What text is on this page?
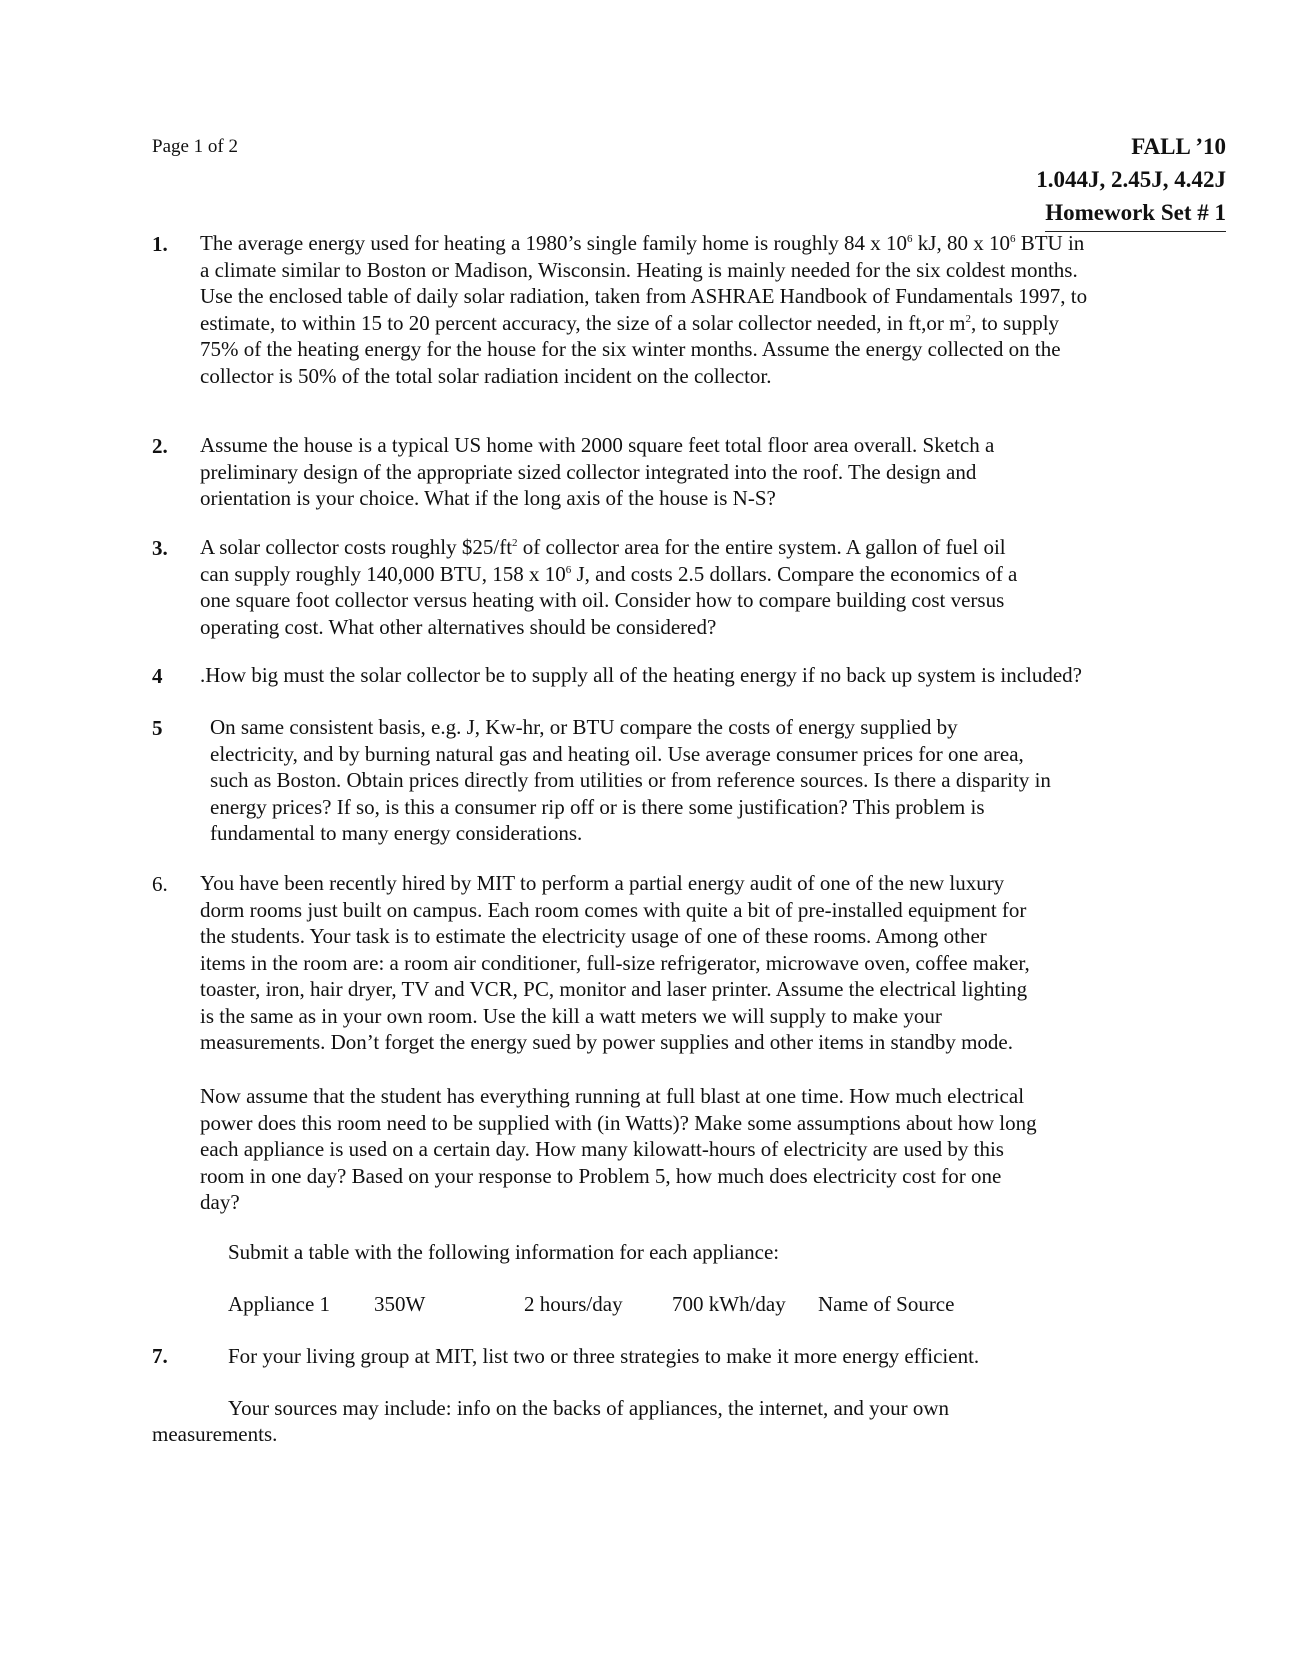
Page 1 of 2	FALL ’10
1.044J, 2.45J, 4.42J
Homework Set # 1
1. The average energy used for heating a 1980’s single family home is roughly 84 x $10^6$ kJ, 80 x $10^6$ BTU in
a climate similar to Boston or Madison, Wisconsin. Heating is mainly needed for the six coldest months.
Use the enclosed table of daily solar radiation, taken from ASHRAE Handbook of Fundamentals 1997, to
estimate, to within 15 to 20 percent accuracy, the size of a solar collector needed, in ft,or $m^2$, to supply
75% of the heating energy for the house for the six winter months. Assume the energy collected on the
collector is 50% of the total solar radiation incident on the collector.

2. Assume the house is a typical US home with 2000 square feet total floor area overall. Sketch a
preliminary design of the appropriate sized collector integrated into the roof. The design and
orientation is your choice. What if the long axis of the house is N-S?

3. A solar collector costs roughly $\$25/ft^2$ of collector area for the entire system. A gallon of fuel oil
can supply roughly 140,000 BTU, 158 x $10^6$ J, and costs 2.5 dollars. Compare the economics of a
one square foot collector versus heating with oil. Consider how to compare building cost versus
operating cost. What other alternatives should be considered?

4 .How big must the solar collector be to supply all of the heating energy if no back up system is included?

5 On same consistent basis, e.g. J, Kw-hr, or BTU compare the costs of energy supplied by
electricity, and by burning natural gas and heating oil. Use average consumer prices for one area,
such as Boston. Obtain prices directly from utilities or from reference sources. Is there a disparity in
energy prices? If so, is this a consumer rip off or is there some justification? This problem is
fundamental to many energy considerations.

6. You have been recently hired by MIT to perform a partial energy audit of one of the new luxury
dorm rooms just built on campus. Each room comes with quite a bit of pre-installed equipment for
the students. Your task is to estimate the electricity usage of one of these rooms. Among other
items in the room are: a room air conditioner, full-size refrigerator, microwave oven, coffee maker,
toaster, iron, hair dryer, TV and VCR, PC, monitor and laser printer. Assume the electrical lighting
is the same as in your own room. Use the kill a watt meters we will supply to make your
measurements. Don’t forget the energy sued by power supplies and other items in standby mode.

Now assume that the student has everything running at full blast at one time. How much electrical
power does this room need to be supplied with (in Watts)? Make some assumptions about how long
each appliance is used on a certain day. How many kilowatt-hours of electricity are used by this
room in one day? Based on your response to Problem 5, how much does electricity cost for one
day?

Submit a table with the following information for each appliance:
Appliance 1 350W	2 hours/day 700 kWh/day Name of Source
7.	For your living group at MIT, list two or three strategies to make it more energy efficient.
Your sources may include: info on the backs of appliances, the internet, and your own
measurements.
